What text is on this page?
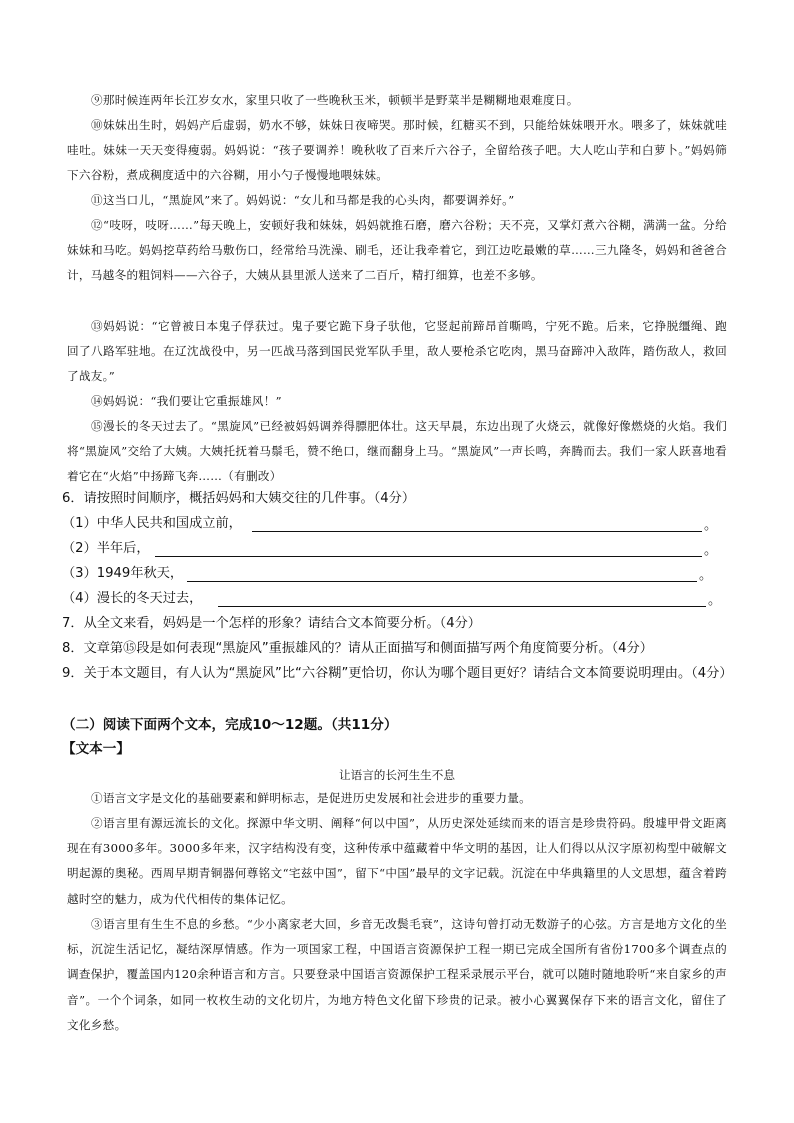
⑨那时候连两年长江岁女水，家里只收了一些晚秋玉米，顿顿半是野菜半是糊糊地艰难度日。

⑩妹妹出生时，妈妈产后虚弱，奶水不够，妹妹日夜啼哭。那时候，红糖买不到，只能给妹妹喂开水。喂多了，妹妹就哇哇吐。妹妹一天天变得瘦弱。妈妈说：“孩子要调养！晚秋收了百来斤六谷子，全留给孩子吧。大人吃山芋和白萝卜。”妈妈筛下六谷粉，煮成稠度适中的六谷糊，用小勺子慢慢地喂妹妹。

⑪这当口儿，“黑旋风”来了。妈妈说：“女儿和马都是我的心头肉，都要调养好。”

⑫“吱呀，吱呀……”每天晚上，安顿好我和妹妹，妈妈就推石磨，磨六谷粉；天不亮，又掌灯煮六谷糊，满满一盆。分给妹妹和马吃。妈妈挖草药给马敷伤口，经常给马洗澡、刷毛，还让我牵着它，到江边吃最嫩的草……三九隆冬，妈妈和爸爸合计，马越冬的粗饲料——六谷子，大姨从县里派人送来了二百斤，精打细算，也差不多够。

⑬妈妈说：“它曾被日本鬼子俘获过。鬼子要它跪下身子驮他，它竖起前蹄昂首嘶鸣，宁死不跪。后来，它挣脱缰绳、跑回了八路军驻地。在辽沈战役中，另一匹战马落到国民党军队手里，敌人要枪杀它吃肉，黑马奋蹄冲入敌阵，踏伤敌人，救回了战友。”

⑭妈妈说：“我们要让它重振雄风！”

⑮漫长的冬天过去了。“黑旋风”已经被妈妈调养得膘肥体壮。这天早晨，东边出现了火烧云，就像好像燃烧的火焰。我们将“黑旋风”交给了大姨。大姨托抚着马鬃毛，赞不绝口，继而翻身上马。“黑旋风”一声长鸣，奔腾而去。我们一家人跃喜地看着它在“火焰”中扬蹄飞奔……（有删改）

6．请按照时间顺序，概括妈妈和大姨交往的几件事。（4分）

（1）中华人民共和国成立前，	。
（2）半年后，	。
（3）1949年秋天，	。
（4）漫长的冬天过去，	。

7．从全文来看，妈妈是一个怎样的形象？请结合文本简要分析。（4分）

8．文章第⑮段是如何表现“黑旋风”重振雄风的？请从正面描写和侧面描写两个角度简要分析。（4分）

9．关于本文题目，有人认为“黑旋风”比“六谷糊”更恰切，你认为哪个题目更好？请结合文本简要说明理由。（4分）

（二）阅读下面两个文本，完成10～12题。（共11分）

【文本一】

让语言的长河生生不息

①语言文字是文化的基础要素和鲜明标志，是促进历史发展和社会进步的重要力量。

②语言里有源远流长的文化。探源中华文明、阐释“何以中国”，从历史深处延续而来的语言是珍贵符码。殷墟甲骨文距离现在有3000多年。3000多年来，汉字结构没有变，这种传承中蕴藏着中华文明的基因，让人们得以从汉字原初构型中破解文明起源的奥秘。西周早期青铜器何尊铭文“宅兹中国”，留下“中国”最早的文字记载。沉淀在中华典籍里的人文思想，蕴含着跨越时空的魅力，成为代代相传的集体记忆。

③语言里有生生不息的乡愁。“少小离家老大回，乡音无改鬓毛衰”，这诗句曾打动无数游子的心弦。方言是地方文化的坐标，沉淀生活记忆，凝结深厚情感。作为一项国家工程，中国语言资源保护工程一期已完成全国所有省份1700多个调查点的调查保护，覆盖国内120余种语言和方言。只要登录中国语言资源保护工程采录展示平台，就可以随时随地聆听“来自家乡的声音”。一个个词条，如同一枚枚生动的文化切片，为地方特色文化留下珍贵的记录。被小心翼翼保存下来的语言文化，留住了文化乡愁。
